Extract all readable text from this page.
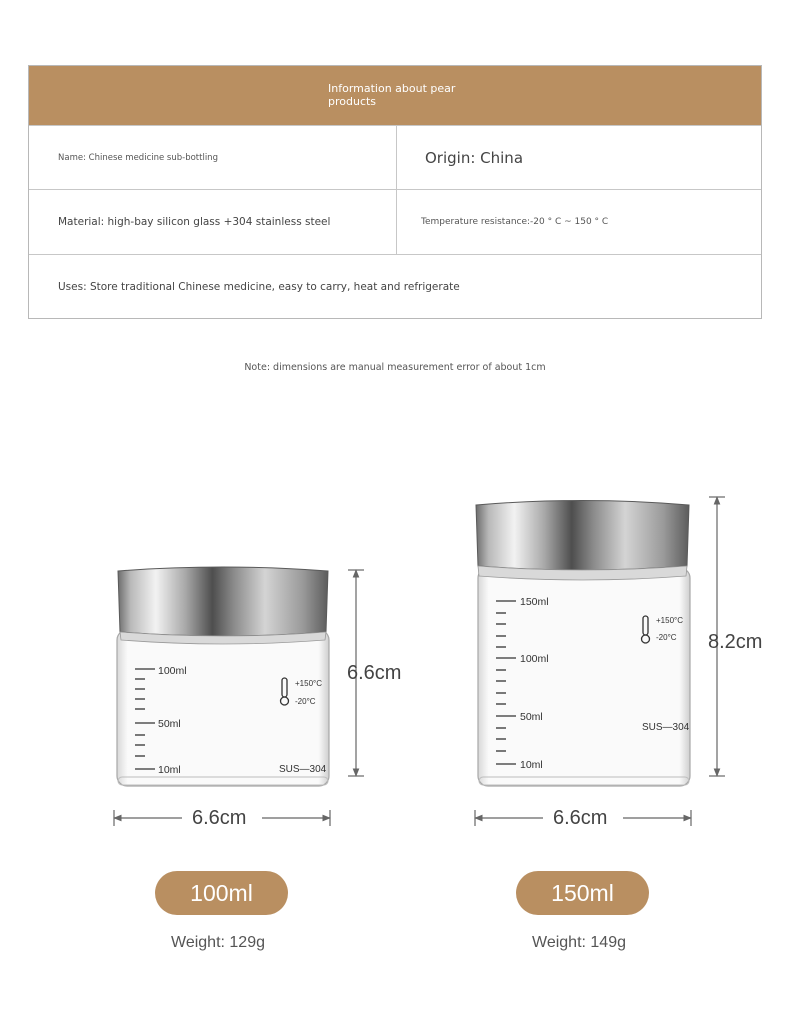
Information about pear products
Name: Chinese medicine sub-bottling	Origin: China
Material: high-bay silicon glass +304 stainless steel	Temperature resistance:-20 ° C ~ 150 ° C
Uses: Store traditional Chinese medicine, easy to carry, heat and refrigerate
Note: dimensions are manual measurement error of about 1cm
100ml
50ml
10ml
+150°C
-20°C
SUS—304
150ml
100ml
50ml
10ml
+150°C
-20°C
SUS—304
6.6cm
6.6cm
8.2cm
6.6cm
100ml	150ml
Weight: 129g	Weight: 149g
